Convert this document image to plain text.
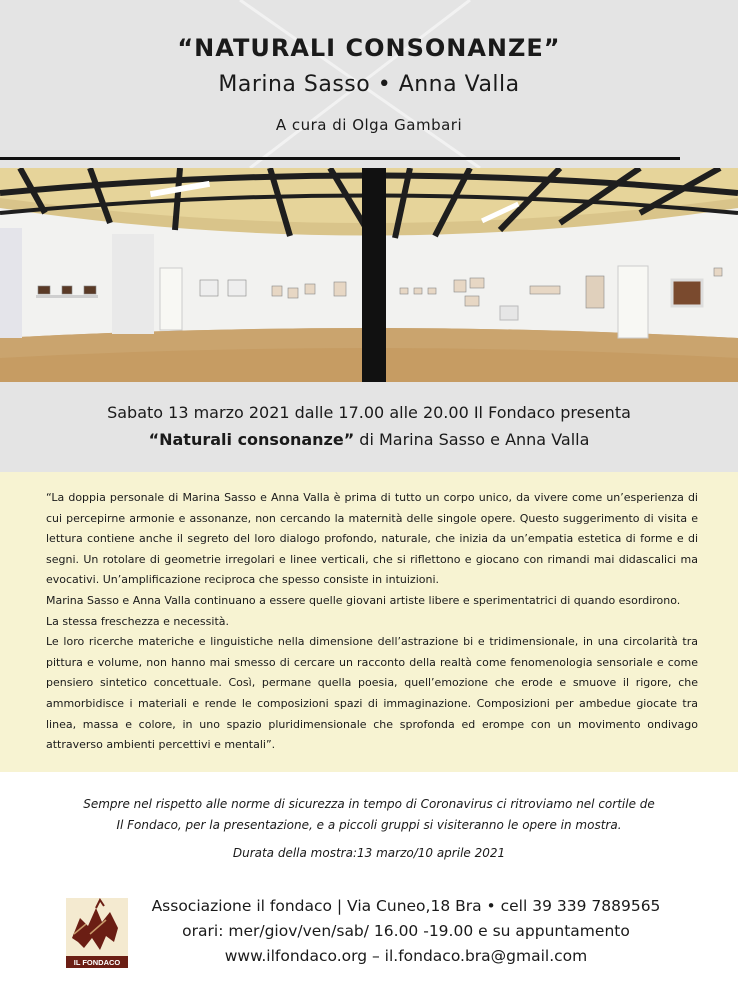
“NATURALI CONSONANZE”
Marina Sasso • Anna Valla
A cura di Olga Gambari
Sabato 13 marzo 2021 dalle 17.00 alle 20.00 Il Fondaco presenta
“Naturali consonanze” di Marina Sasso e Anna Valla

“La doppia personale di Marina Sasso e Anna Valla è prima di tutto un corpo unico, da vivere come un’esperienza di cui percepirne armonie e assonanze, non cercando la maternità delle singole opere. Questo suggerimento di visita e lettura contiene anche il segreto del loro dialogo profondo, naturale, che inizia da un’empatia estetica di forme e di segni. Un rotolare di geometrie irregolari e linee verticali, che si riflettono e giocano con rimandi mai didascalici ma evocativi. Un’amplificazione reciproca che spesso consiste in intuizioni.

Marina Sasso e Anna Valla continuano a essere quelle giovani artiste libere e sperimentatrici di quando esordirono.

La stessa freschezza e necessità.

Le loro ricerche materiche e linguistiche nella dimensione dell’astrazione bi e tridimensionale, in una circolarità tra pittura e volume, non hanno mai smesso di cercare un racconto della realtà come fenomenologia sensoriale e come pensiero sintetico concettuale. Così, permane quella poesia, quell’emozione che erode e smuove il rigore, che ammorbidisce i materiali e rende le composizioni spazi di immaginazione. Composizioni per ambedue giocate tra linea, massa e colore, in uno spazio pluridimensionale che sprofonda ed erompe con un movimento ondivago attraverso ambienti percettivi e mentali”.

Sempre nel rispetto alle norme di sicurezza in tempo di Coronavirus ci ritroviamo nel cortile de
Il Fondaco, per la presentazione, e a piccoli gruppi si visiteranno le opere in mostra.
Durata della mostra:13 marzo/10 aprile 2021
IL FONDACO
Associazione il fondaco | Via Cuneo,18 Bra • cell 39 339 7889565
orari: mer/giov/ven/sab/ 16.00 -19.00 e su appuntamento
www.ilfondaco.org – il.fondaco.bra@gmail.com
